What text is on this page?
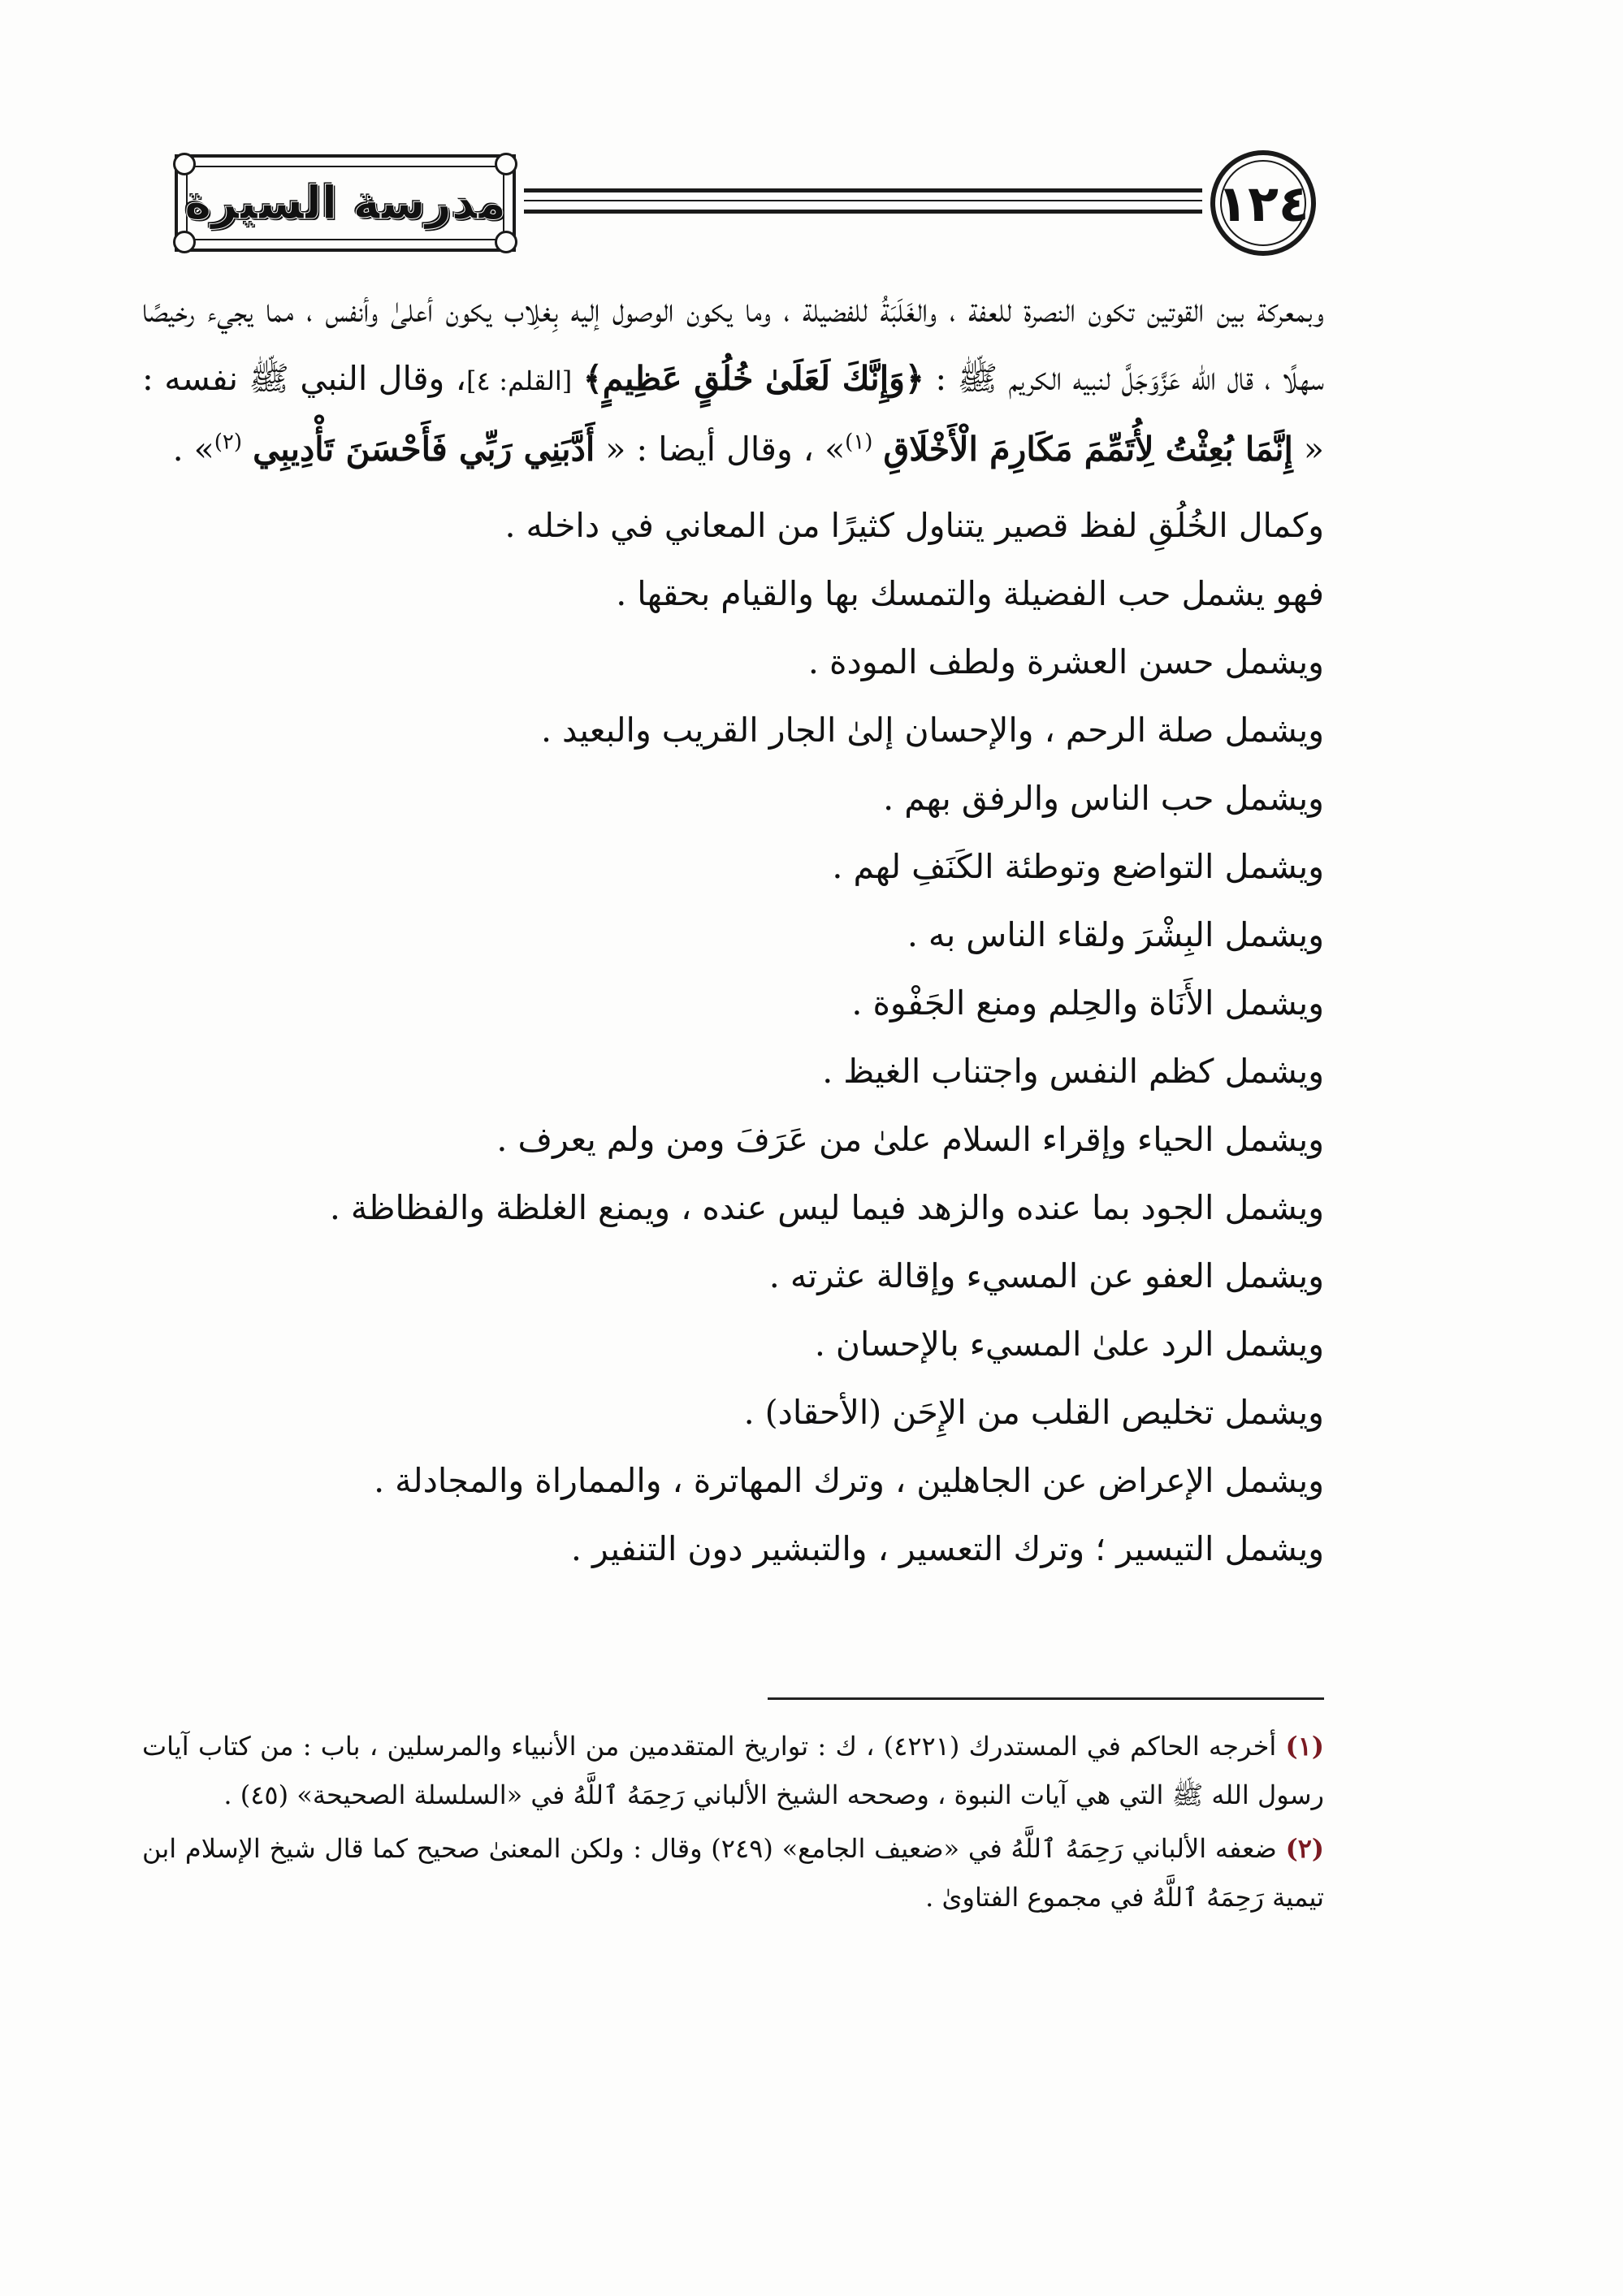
مدرسة السيرة	١٢٤

وبمعركة بين القوتين تكون النصرة للعفة ، والغَلَبَةُ للفضيلة ، وما يكون الوصول إليه بِغلِاب يكون أعلىٰ وأنفس ، مما يجيء رخيصًا سهلًا ، قال الله عَزَّوَجَلَّ لنبيه الكريم ﷺ : ﴿وَإِنَّكَ لَعَلَىٰ خُلُقٍ عَظِيمٍ﴾ [القلم: ٤]، وقال النبي ﷺ نفسه : « إِنَّمَا بُعِثْتُ لِأُتَمِّمَ مَكَارِمَ الْأَخْلَاقِ $^{(١)}$» ، وقال أيضا : « أَدَّبَنِي رَبِّي فَأَحْسَنَ تَأْدِيبِي $^{(٢)}$» .

وكمال الخُلُقِ لفظ قصير يتناول كثيرًا من المعاني في داخله .

فهو يشمل حب الفضيلة والتمسك بها والقيام بحقها .

ويشمل حسن العشرة ولطف المودة .

ويشمل صلة الرحم ، والإحسان إلىٰ الجار القريب والبعيد .

ويشمل حب الناس والرفق بهم .

ويشمل التواضع وتوطئة الكَنَفِ لهم .

ويشمل البِشْرَ ولقاء الناس به .

ويشمل الأَنَاة والحِلم ومنع الجَفْوة .

ويشمل كظم النفس واجتناب الغيظ .

ويشمل الحياء وإقراء السلام علىٰ من عَرَفَ ومن ولم يعرف .

ويشمل الجود بما عنده والزهد فيما ليس عنده ، ويمنع الغلظة والفظاظة .

ويشمل العفو عن المسيء وإقالة عثرته .

ويشمل الرد علىٰ المسيء بالإحسان .

ويشمل تخليص القلب من الإِحَن (الأحقاد) .

ويشمل الإعراض عن الجاهلين ، وترك المهاترة ، والمماراة والمجادلة .

ويشمل التيسير ؛ وترك التعسير ، والتبشير دون التنفير .

(١) أخرجه الحاكم في المستدرك (٤٢٢١) ، ك : تواريخ المتقدمين من الأنبياء والمرسلين ، باب : من كتاب آيات رسول الله ﷺ التي هي آيات النبوة ، وصححه الشيخ الألباني رَحِمَهُ ٱللَّهُ في «السلسلة الصحيحة» (٤٥) .

(٢) ضعفه الألباني رَحِمَهُ ٱللَّهُ في «ضعيف الجامع» (٢٤٩) وقال : ولكن المعنىٰ صحيح كما قال شيخ الإسلام ابن تيمية رَحِمَهُ ٱللَّهُ في مجموع الفتاوىٰ .
